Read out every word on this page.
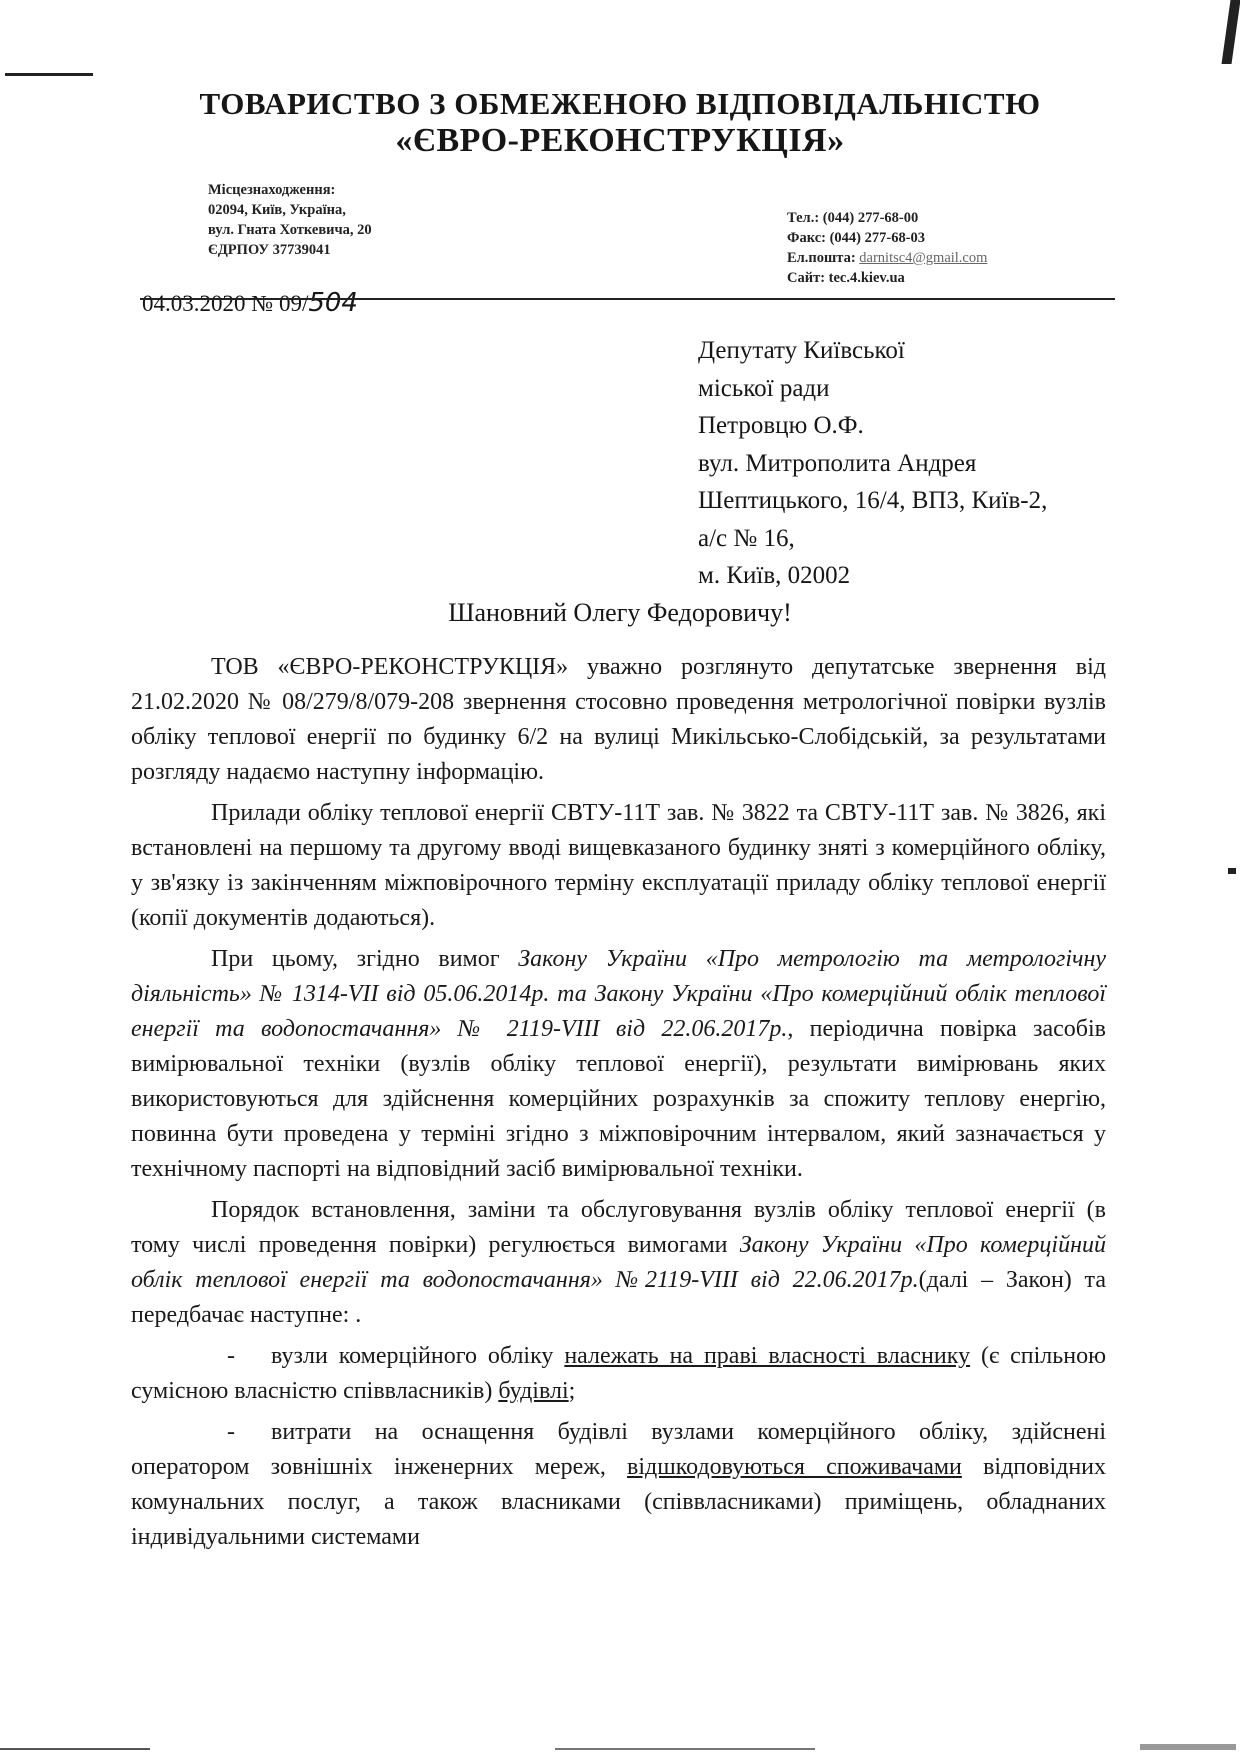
ТОВАРИСТВО З ОБМЕЖЕНОЮ ВІДПОВІДАЛЬНІСТЮ
«ЄВРО-РЕКОНСТРУКЦІЯ»
Місцезнаходження:
02094, Київ, Україна,
вул. Гната Хоткевича, 20
ЄДРПОУ 37739041
Тел.: (044) 277-68-00
Факс: (044) 277-68-03
Ел.пошта: darnitsc4@gmail.com
Сайт: tec.4.kiev.ua
04.03.2020 № 09/504
Депутату Київської
міської ради
Петровцю О.Ф.
вул. Митрополита Андрея
Шептицького, 16/4, ВПЗ, Київ-2,
а/с № 16,
м. Київ, 02002
Шановний Олегу Федоровичу!

ТОВ «ЄВРО-РЕКОНСТРУКЦІЯ» уважно розглянуто депутатське звернення від 21.02.2020 № 08/279/8/079-208 звернення стосовно проведення метрологічної повірки вузлів обліку теплової енергії по будинку 6/2 на вулиці Микільсько-Слобідській, за результатами розгляду надаємо наступну інформацію.

Прилади обліку теплової енергії СВТУ-11Т зав. № 3822 та СВТУ-11Т зав. № 3826, які встановлені на першому та другому вводі вищевказаного будинку зняті з комерційного обліку, у зв'язку із закінченням міжповірочного терміну експлуатації приладу обліку теплової енергії (копії документів додаються).

При цьому, згідно вимог Закону України «Про метрологію та метрологічну діяльність» № 1314-VII від 05.06.2014р. та Закону України «Про комерційний облік теплової енергії та водопостачання» № 2119-VIII від 22.06.2017р., періодична повірка засобів вимірювальної техніки (вузлів обліку теплової енергії), результати вимірювань яких використовуються для здійснення комерційних розрахунків за спожиту теплову енергію, повинна бути проведена у терміні згідно з міжповірочним інтервалом, який зазначається у технічному паспорті на відповідний засіб вимірювальної техніки.

Порядок встановлення, заміни та обслуговування вузлів обліку теплової енергії (в тому числі проведення повірки) регулюється вимогами Закону України «Про комерційний облік теплової енергії та водопостачання» №2119-VIII від 22.06.2017р.(далі – Закон) та передбачає наступне: .

- вузли комерційного обліку належать на праві власності власнику (є спільною сумісною власністю співвласників) будівлі;

- витрати на оснащення будівлі вузлами комерційного обліку, здійснені оператором зовнішніх інженерних мереж, відшкодовуються споживачами відповідних комунальних послуг, а також власниками (співвласниками) приміщень, обладнаних індивідуальними системами
